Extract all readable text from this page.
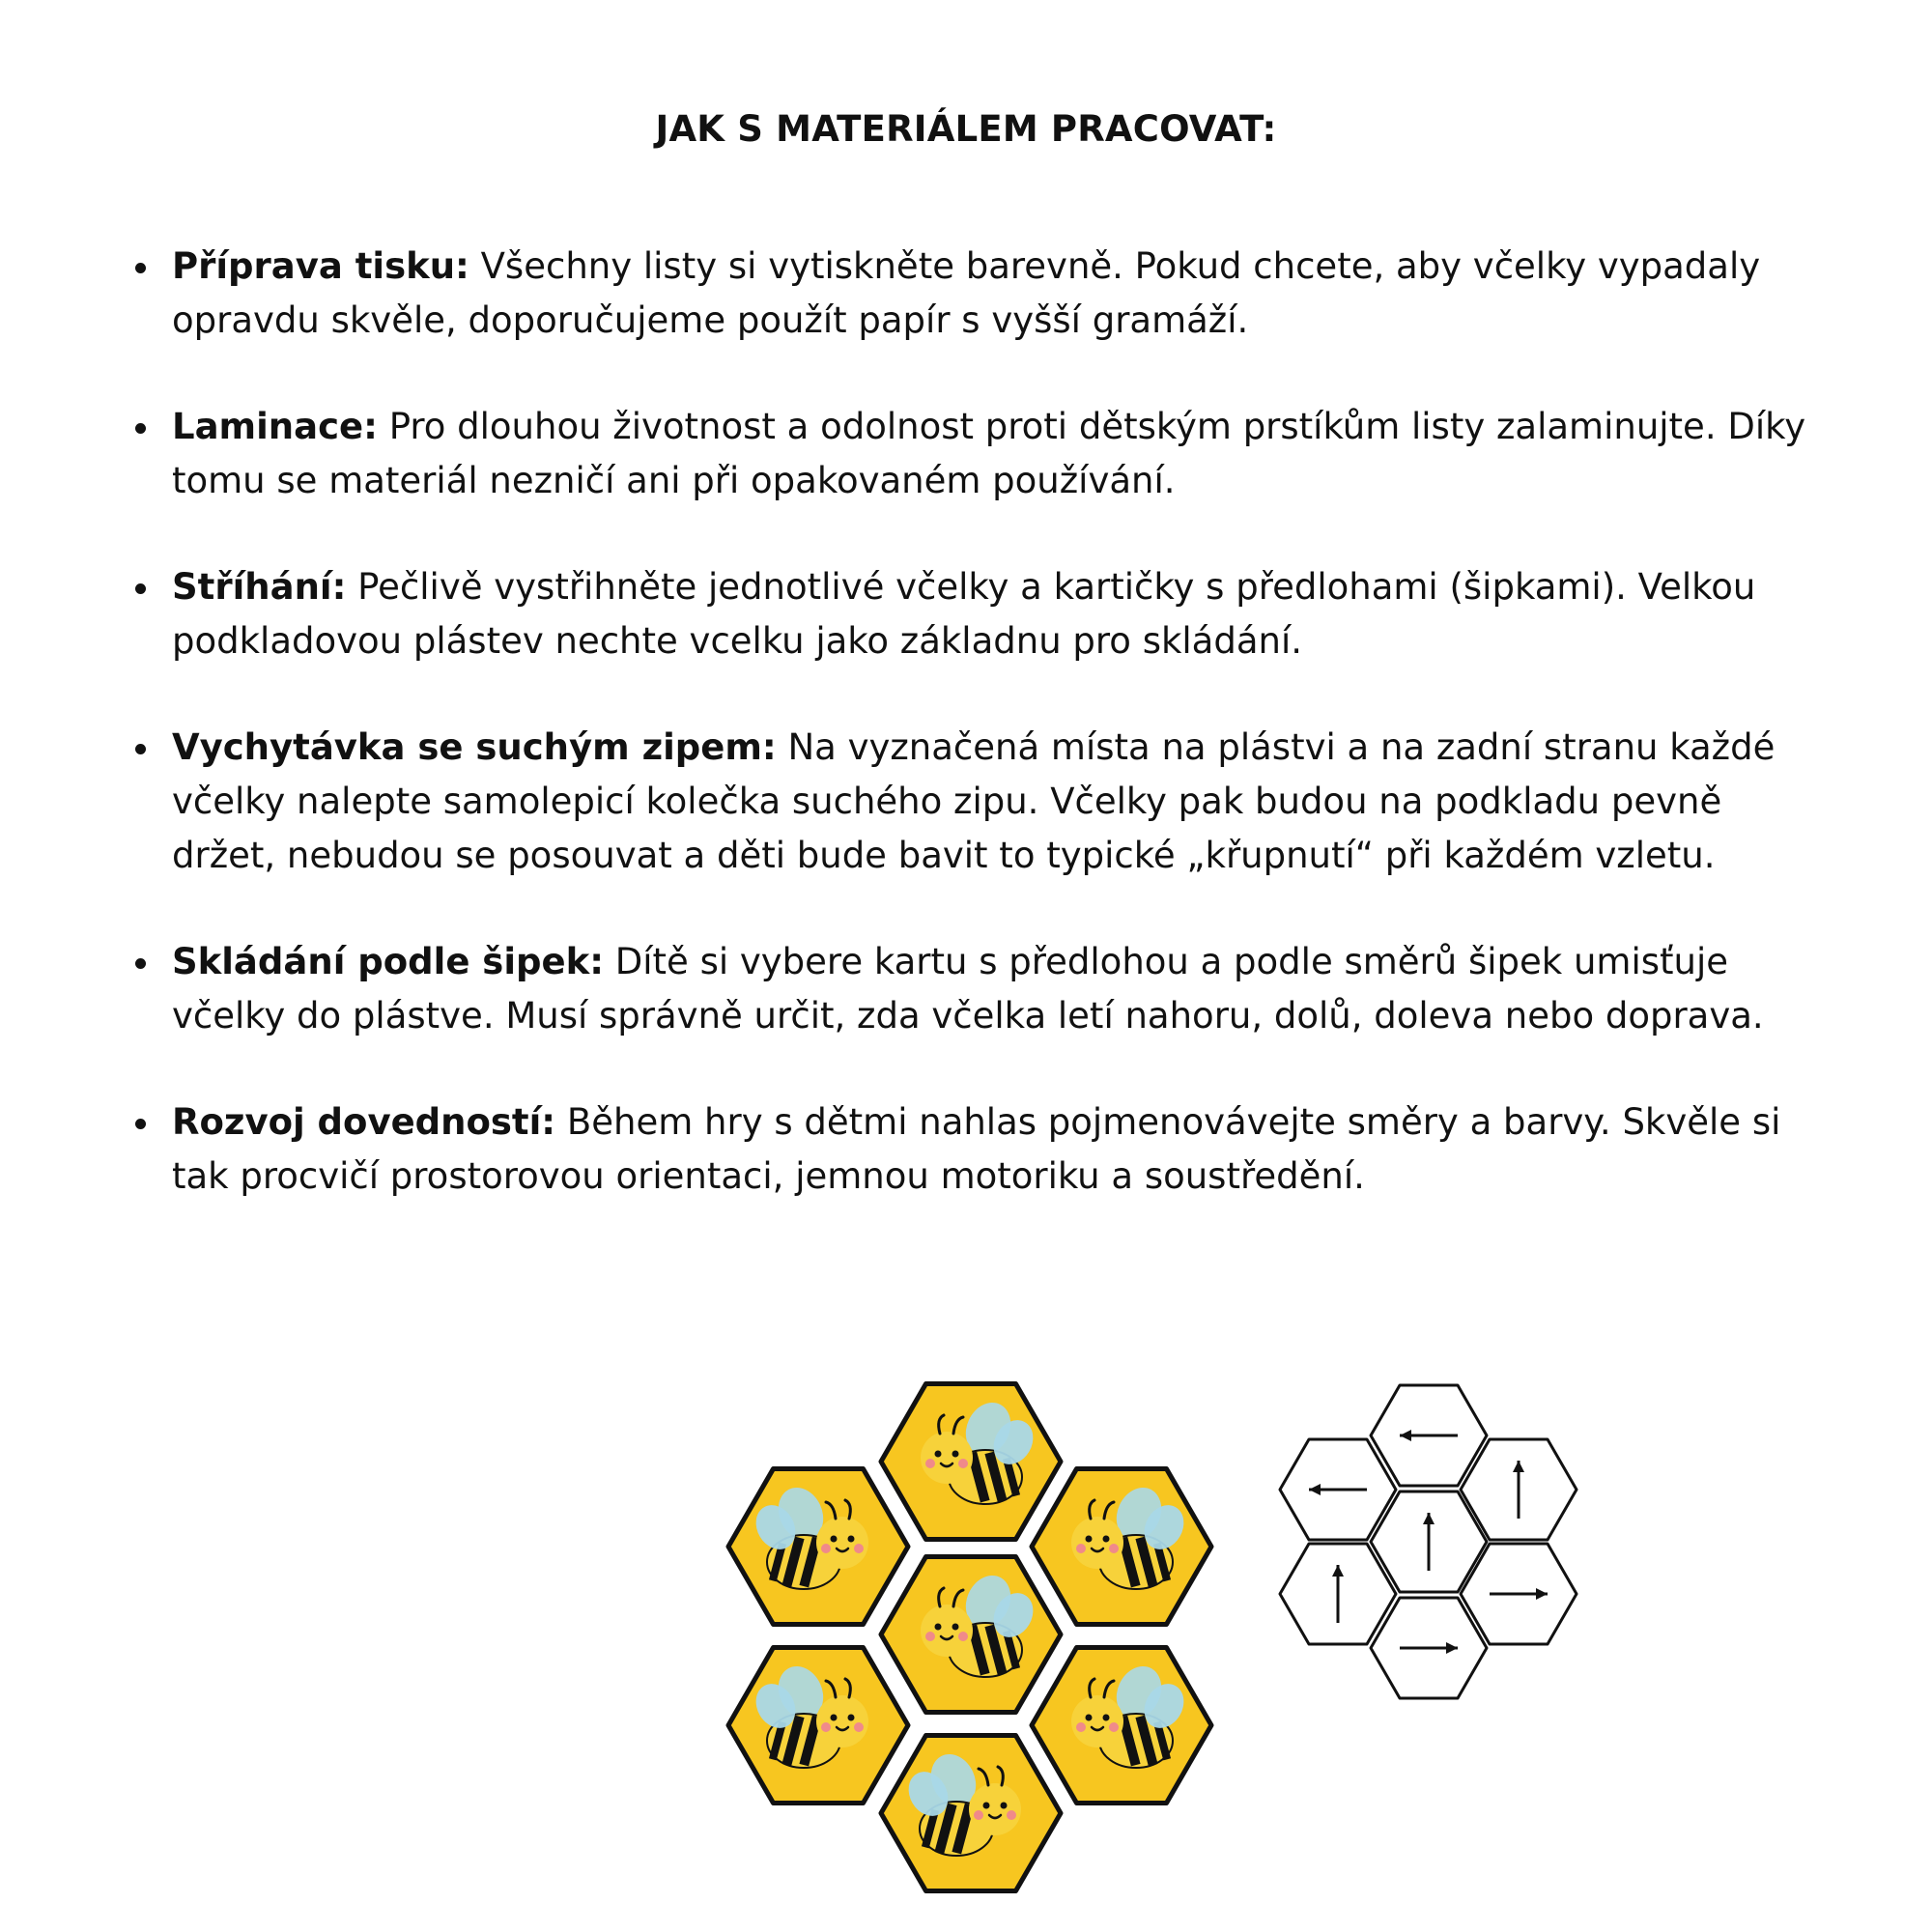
JAK S MATERIÁLEM PRACOVAT:
Příprava tisku: Všechny listy si vytiskněte barevně. Pokud chcete, aby včelky vypadaly opravdu skvěle, doporučujeme použít papír s vyšší gramáží.
Laminace: Pro dlouhou životnost a odolnost proti dětským prstíkům listy zalaminujte. Díky tomu se materiál nezničí ani při opakovaném používání.
Stříhání: Pečlivě vystřihněte jednotlivé včelky a kartičky s předlohami (šipkami). Velkou podkladovou plástev nechte vcelku jako základnu pro skládání.
Vychytávka se suchým zipem: Na vyznačená místa na plástvi a na zadní stranu každé včelky nalepte samolepicí kolečka suchého zipu. Včelky pak budou na podkladu pevně držet, nebudou se posouvat a děti bude bavit to typické „křupnutí“ při každém vzletu.
Skládání podle šipek: Dítě si vybere kartu s předlohou a podle směrů šipek umisťuje včelky do plástve. Musí správně určit, zda včelka letí nahoru, dolů, doleva nebo doprava.
Rozvoj dovedností: Během hry s dětmi nahlas pojmenovávejte směry a barvy. Skvěle si tak procvičí prostorovou orientaci, jemnou motoriku a soustředění.
